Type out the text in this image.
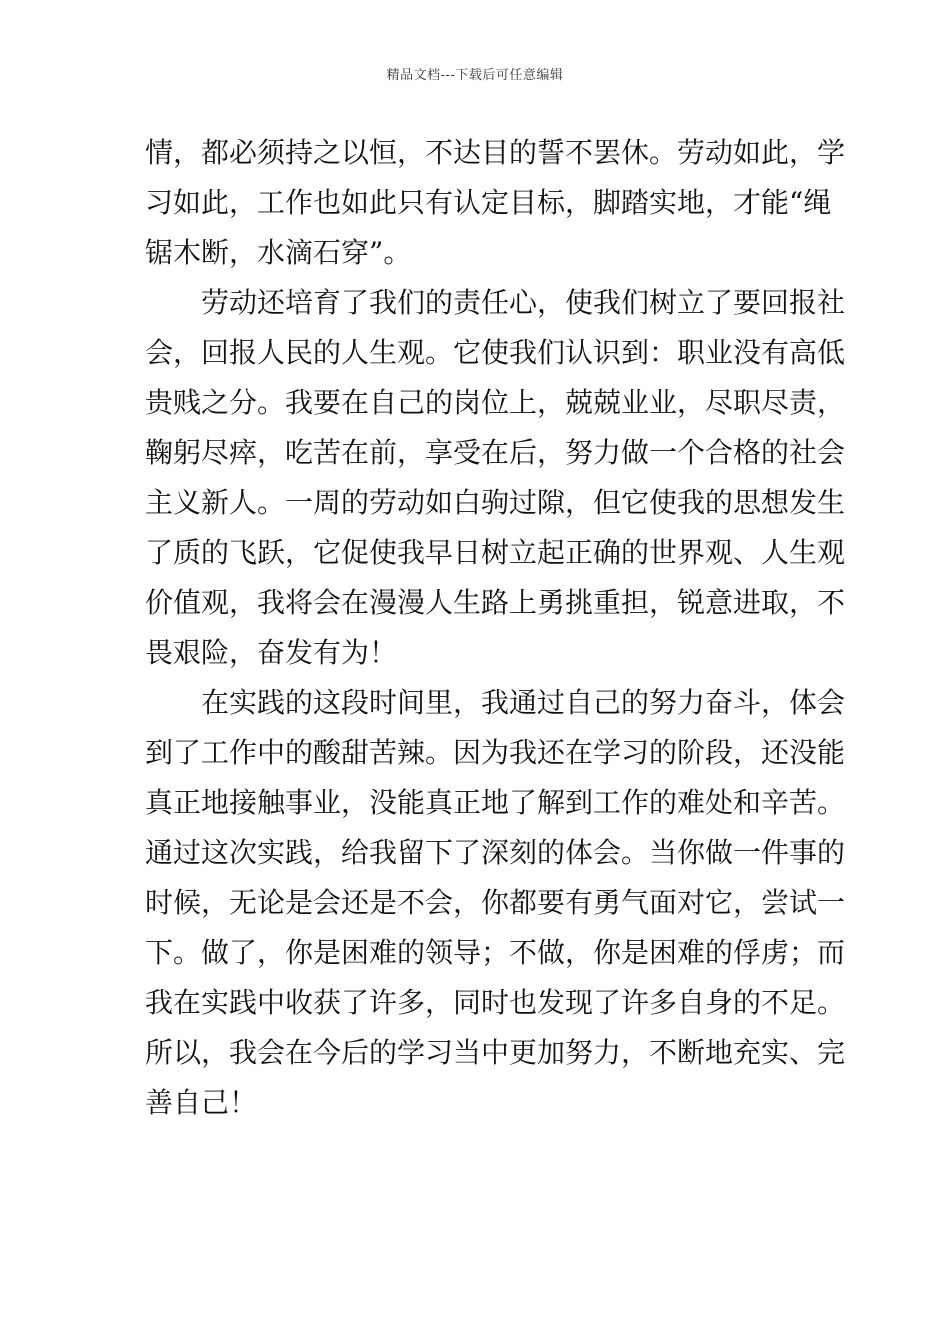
精品文档---下载后可任意编辑
情，都必须持之以恒，不达目的誓不罢休。劳动如此，学
习如此，工作也如此只有认定目标，脚踏实地，才能“绳
锯木断，水滴石穿”。
　　劳动还培育了我们的责任心，使我们树立了要回报社
会，回报人民的人生观。它使我们认识到：职业没有高低
贵贱之分。我要在自己的岗位上，兢兢业业，尽职尽责，
鞠躬尽瘁，吃苦在前，享受在后，努力做一个合格的社会
主义新人。一周的劳动如白驹过隙，但它使我的思想发生
了质的飞跃，它促使我早日树立起正确的世界观、人生观
价值观，我将会在漫漫人生路上勇挑重担，锐意进取，不
畏艰险，奋发有为！
　　在实践的这段时间里，我通过自己的努力奋斗，体会
到了工作中的酸甜苦辣。因为我还在学习的阶段，还没能
真正地接触事业，没能真正地了解到工作的难处和辛苦。
通过这次实践，给我留下了深刻的体会。当你做一件事的
时候，无论是会还是不会，你都要有勇气面对它，尝试一
下。做了，你是困难的领导；不做，你是困难的俘虏；而
我在实践中收获了许多，同时也发现了许多自身的不足。
所以，我会在今后的学习当中更加努力，不断地充实、完
善自己！
